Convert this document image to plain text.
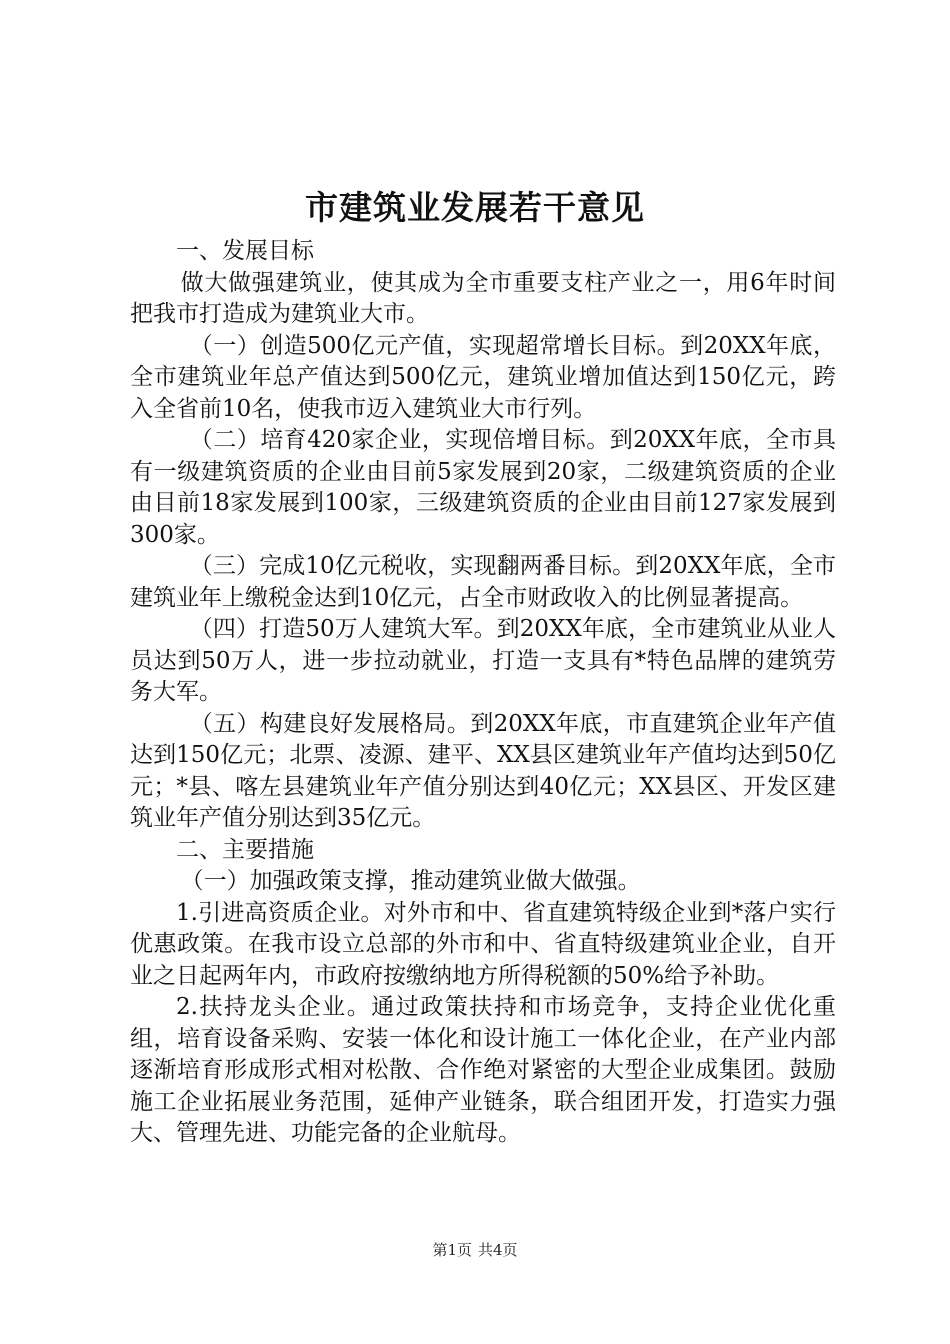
市建筑业发展若干意见

一、发展目标

做大做强建筑业，使其成为全市重要支柱产业之一，用6年时间把我市打造成为建筑业大市。

（一）创造500亿元产值，实现超常增长目标。到20XX年底，全市建筑业年总产值达到500亿元，建筑业增加值达到150亿元，跨入全省前10名，使我市迈入建筑业大市行列。

（二）培育420家企业，实现倍增目标。到20XX年底，全市具有一级建筑资质的企业由目前5家发展到20家，二级建筑资质的企业由目前18家发展到100家，三级建筑资质的企业由目前127家发展到300家。

（三）完成10亿元税收，实现翻两番目标。到20XX年底，全市建筑业年上缴税金达到10亿元，占全市财政收入的比例显著提高。

（四）打造50万人建筑大军。到20XX年底，全市建筑业从业人员达到50万人，进一步拉动就业，打造一支具有*特色品牌的建筑劳务大军。

（五）构建良好发展格局。到20XX年底，市直建筑企业年产值达到150亿元；北票、凌源、建平、XX县区建筑业年产值均达到50亿元；*县、喀左县建筑业年产值分别达到40亿元；XX县区、开发区建筑业年产值分别达到35亿元。

二、主要措施

（一）加强政策支撑，推动建筑业做大做强。

1.引进高资质企业。对外市和中、省直建筑特级企业到*落户实行优惠政策。在我市设立总部的外市和中、省直特级建筑业企业，自开业之日起两年内，市政府按缴纳地方所得税额的50%给予补助。

2.扶持龙头企业。通过政策扶持和市场竞争，支持企业优化重组，培育设备采购、安装一体化和设计施工一体化企业，在产业内部逐渐培育形成形式相对松散、合作绝对紧密的大型企业成集团。鼓励施工企业拓展业务范围，延伸产业链条，联合组团开发，打造实力强大、管理先进、功能完备的企业航母。

第1页 共4页
